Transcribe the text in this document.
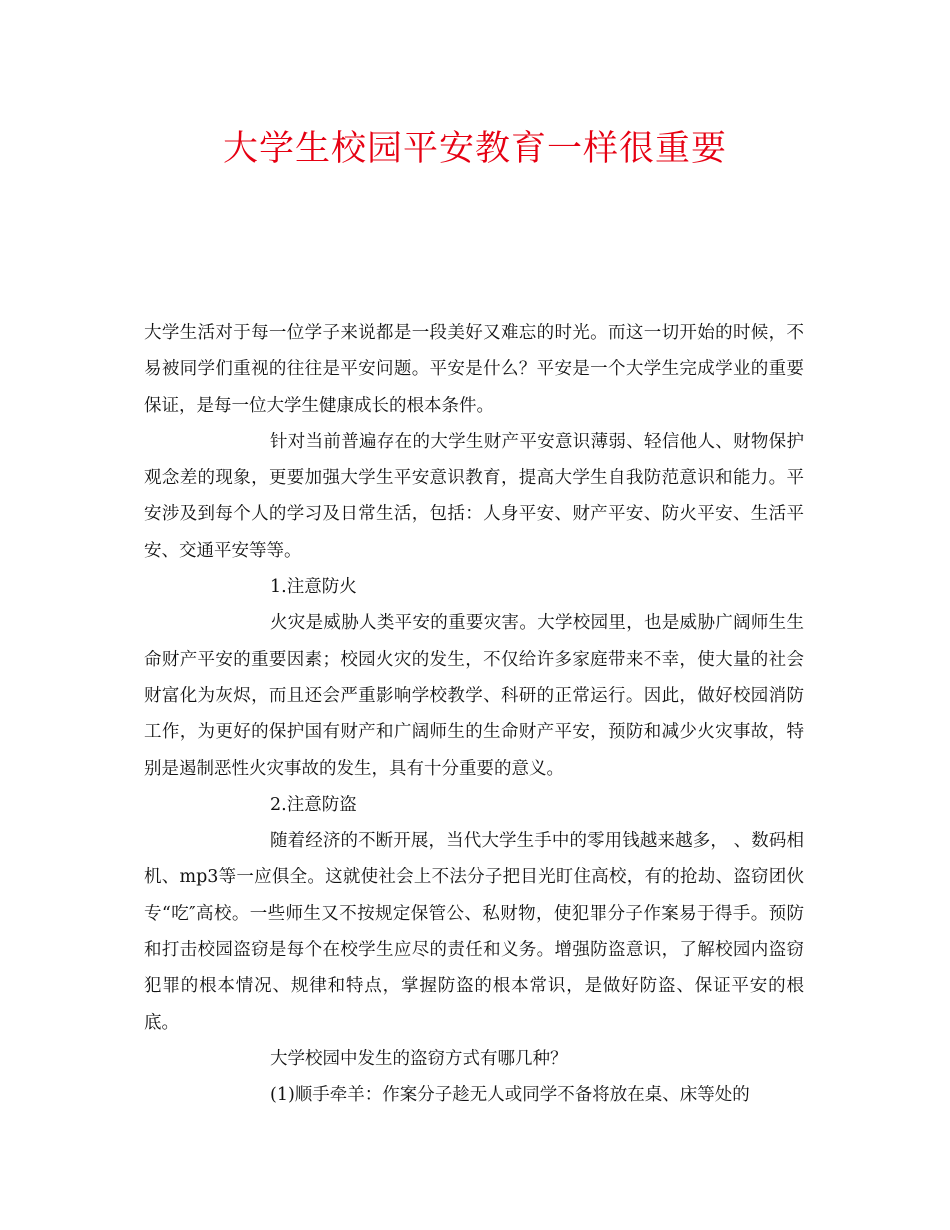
大学生校园平安教育一样很重要

大学生活对于每一位学子来说都是一段美好又难忘的时光。而这一切开始的时候，不易被同学们重视的往往是平安问题。平安是什么？平安是一个大学生完成学业的重要保证，是每一位大学生健康成长的根本条件。

针对当前普遍存在的大学生财产平安意识薄弱、轻信他人、财物保护观念差的现象，更要加强大学生平安意识教育，提高大学生自我防范意识和能力。平安涉及到每个人的学习及日常生活，包括：人身平安、财产平安、防火平安、生活平安、交通平安等等。

1.注意防火

火灾是威胁人类平安的重要灾害。大学校园里，也是威胁广阔师生生命财产平安的重要因素；校园火灾的发生，不仅给许多家庭带来不幸，使大量的社会财富化为灰烬，而且还会严重影响学校教学、科研的正常运行。因此，做好校园消防工作，为更好的保护国有财产和广阔师生的生命财产平安，预防和减少火灾事故，特别是遏制恶性火灾事故的发生，具有十分重要的意义。

2.注意防盗

随着经济的不断开展，当代大学生手中的零用钱越来越多， 、数码相机、mp3等一应俱全。这就使社会上不法分子把目光盯住高校，有的抢劫、盗窃团伙专“吃″高校。一些师生又不按规定保管公、私财物，使犯罪分子作案易于得手。预防和打击校园盗窃是每个在校学生应尽的责任和义务。增强防盗意识，了解校园内盗窃犯罪的根本情况、规律和特点，掌握防盗的根本常识，是做好防盗、保证平安的根底。

大学校园中发生的盗窃方式有哪几种？

(1)顺手牵羊：作案分子趁无人或同学不备将放在桌、床等处的
